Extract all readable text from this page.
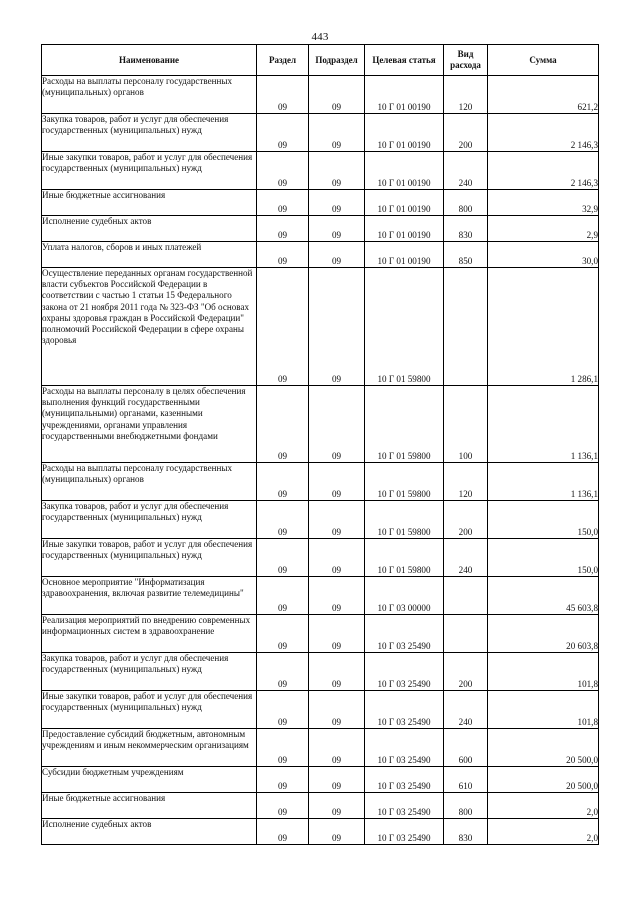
443
Наименование	Раздел	Подраздел	Целевая статья	Вид расхода	Сумма
Расходы на выплаты персоналу государственных (муниципальных) органов	09	09	10 Г 01 00190	120	621,2
Закупка товаров, работ и услуг для обеспечения государственных (муниципальных) нужд	09	09	10 Г 01 00190	200	2 146,3
Иные закупки товаров, работ и услуг для обеспечения государственных (муниципальных) нужд	09	09	10 Г 01 00190	240	2 146,3
Иные бюджетные ассигнования	09	09	10 Г 01 00190	800	32,9
Исполнение судебных актов	09	09	10 Г 01 00190	830	2,9
Уплата налогов, сборов и иных платежей	09	09	10 Г 01 00190	850	30,0
Осуществление переданных органам государственной власти субъектов Российской Федерации в соответствии с частью 1 статьи 15 Федерального закона от 21 ноября 2011 года № 323-ФЗ "Об основах охраны здоровья граждан в Российской Федерации" полномочий Российской Федерации в сфере охраны здоровья	09	09	10 Г 01 59800		1 286,1
Расходы на выплаты персоналу в целях обеспечения выполнения функций государственными (муниципальными) органами, казенными учреждениями, органами управления государственными внебюджетными фондами	09	09	10 Г 01 59800	100	1 136,1
Расходы на выплаты персоналу государственных (муниципальных) органов	09	09	10 Г 01 59800	120	1 136,1
Закупка товаров, работ и услуг для обеспечения государственных (муниципальных) нужд	09	09	10 Г 01 59800	200	150,0
Иные закупки товаров, работ и услуг для обеспечения государственных (муниципальных) нужд	09	09	10 Г 01 59800	240	150,0
Основное мероприятие "Информатизация здравоохранения, включая развитие телемедицины"	09	09	10 Г 03 00000		45 603,8
Реализация мероприятий по внедрению современных информационных систем в здравоохранение	09	09	10 Г 03 25490		20 603,8
Закупка товаров, работ и услуг для обеспечения государственных (муниципальных) нужд	09	09	10 Г 03 25490	200	101,8
Иные закупки товаров, работ и услуг для обеспечения государственных (муниципальных) нужд	09	09	10 Г 03 25490	240	101,8
Предоставление субсидий бюджетным, автономным учреждениям и иным некоммерческим организациям	09	09	10 Г 03 25490	600	20 500,0
Субсидии бюджетным учреждениям	09	09	10 Г 03 25490	610	20 500,0
Иные бюджетные ассигнования	09	09	10 Г 03 25490	800	2,0
Исполнение судебных актов	09	09	10 Г 03 25490	830	2,0
